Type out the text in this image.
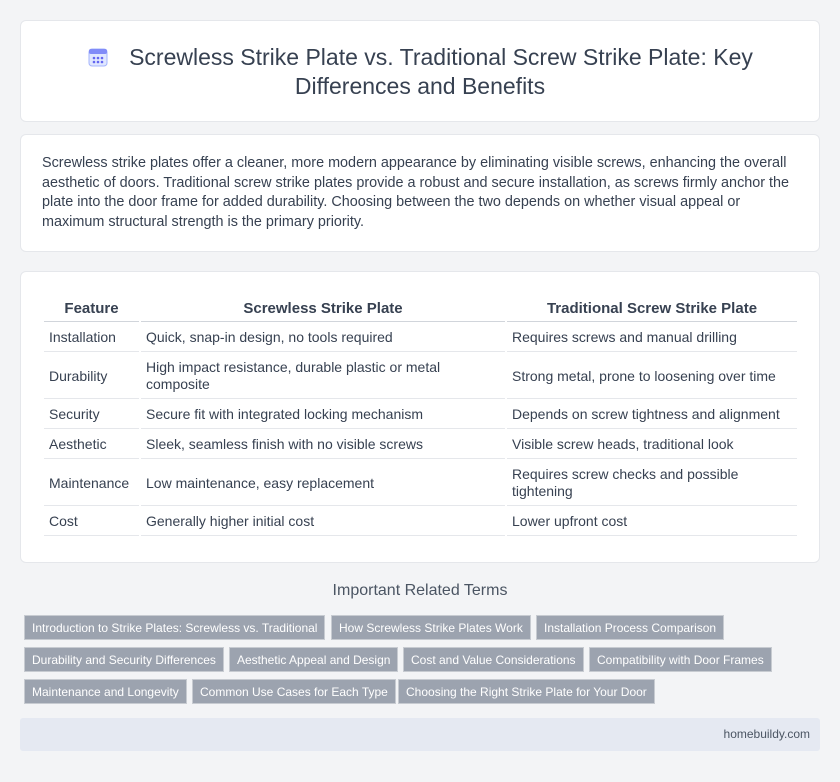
Screwless Strike Plate vs. Traditional Screw Strike Plate: Key Differences and Benefits

Screwless strike plates offer a cleaner, more modern appearance by eliminating visible screws, enhancing the overall aesthetic of doors. Traditional screw strike plates provide a robust and secure installation, as screws firmly anchor the plate into the door frame for added durability. Choosing between the two depends on whether visual appeal or maximum structural strength is the primary priority.

Feature	Screwless Strike Plate	Traditional Screw Strike Plate
Installation	Quick, snap-in design, no tools required	Requires screws and manual drilling
Durability	High impact resistance, durable plastic or metal composite	Strong metal, prone to loosening over time
Security	Secure fit with integrated locking mechanism	Depends on screw tightness and alignment
Aesthetic	Sleek, seamless finish with no visible screws	Visible screw heads, traditional look
Maintenance	Low maintenance, easy replacement	Requires screw checks and possible tightening
Cost	Generally higher initial cost	Lower upfront cost
Important Related Terms
Introduction to Strike Plates: Screwless vs. Traditional	How Screwless Strike Plates Work	Installation Process Comparison
Durability and Security Differences	Aesthetic Appeal and Design	Cost and Value Considerations	Compatibility with Door Frames
Maintenance and Longevity	Common Use Cases for Each Type	Choosing the Right Strike Plate for Your Door
homebuildy.com
